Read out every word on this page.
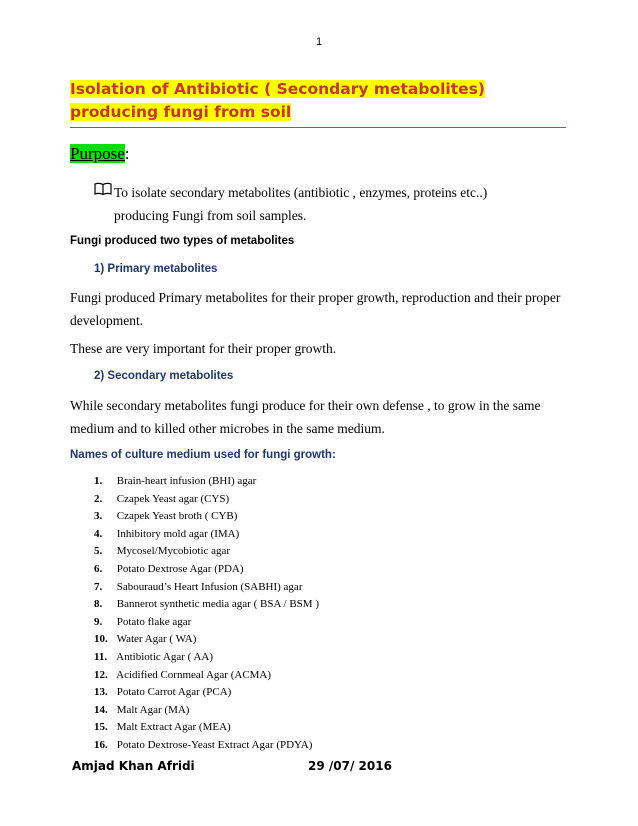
1
Isolation of Antibiotic ( Secondary metabolites)
producing fungi from soil
Purpose:
To isolate secondary metabolites (antibiotic , enzymes, proteins etc..)
producing Fungi from soil samples.
Fungi produced two types of metabolites
1) Primary metabolites
Fungi produced Primary metabolites for their proper growth, reproduction and their proper development.
These are very important for their proper growth.
2) Secondary metabolites
While secondary metabolites fungi produce for their own defense , to grow in the same medium and to killed other microbes in the same medium.
Names of culture medium used for fungi growth:
1. Brain-heart infusion (BHI) agar
2. Czapek Yeast agar (CYS)
3. Czapek Yeast broth ( CYB)
4. Inhibitory mold agar (IMA)
5. Mycosel/Mycobiotic agar
6. Potato Dextrose Agar (PDA)
7. Sabouraud’s Heart Infusion (SABHI) agar
8. Bannerot synthetic media agar ( BSA / BSM )
9. Potato flake agar
10. Water Agar ( WA)
11. Antibiotic Agar ( AA)
12. Acidified Cornmeal Agar (ACMA)
13. Potato Carrot Agar (PCA)
14. Malt Agar (MA)
15. Malt Extract Agar (MEA)
16. Potato Dextrose-Yeast Extract Agar (PDYA)
Amjad Khan Afridi	29 /07/ 2016
